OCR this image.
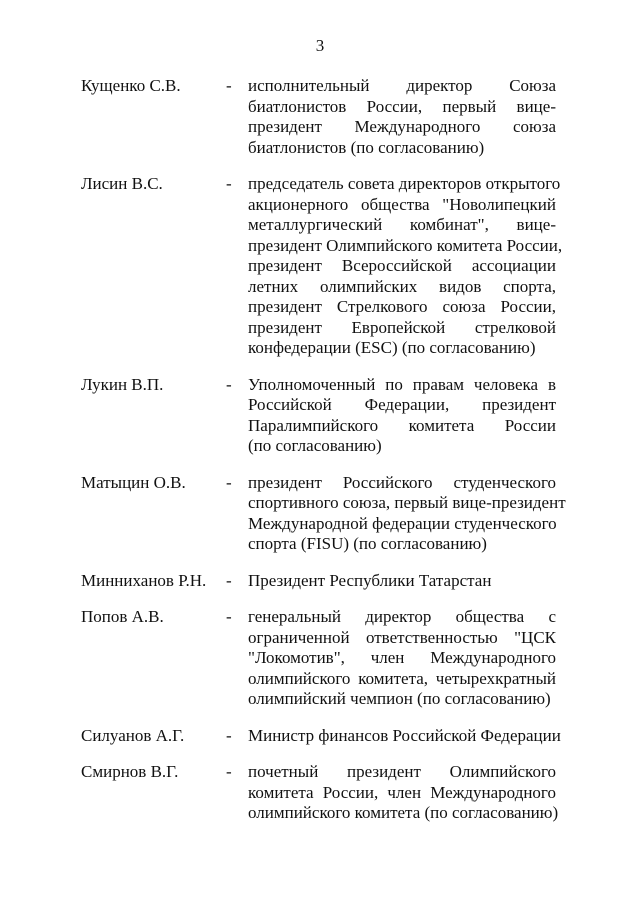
3
Кущенко С.В.	- исполнительный директор Союза
биатлонистов России, первый вице-
президент Международного союза
биатлонистов (по согласованию)
Лисин В.С.	- председатель совета директоров открытого
акционерного общества "Новолипецкий
металлургический комбинат", вице-
президент Олимпийского комитета России,
президент Всероссийской ассоциации
летних олимпийских видов спорта,
президент Стрелкового союза России,
президент Европейской стрелковой
конфедерации (ESC) (по согласованию)
Лукин В.П.	- Уполномоченный по правам человека в
Российской Федерации, президент
Паралимпийского комитета России
(по согласованию)
Матыцин О.В. - президент Российского студенческого
спортивного союза, первый вице-президент
Международной федерации студенческого
спорта (FISU) (по согласованию)
Минниханов Р.Н. - Президент Республики Татарстан
Попов А.В.	- генеральный директор общества с
ограниченной ответственностью "ЦСК
"Локомотив", член Международного
олимпийского комитета, четырехкратный
олимпийский чемпион (по согласованию)
Силуанов А.Г. - Министр финансов Российской Федерации
Смирнов В.Г.	- почетный президент Олимпийского
комитета России, член Международного
олимпийского комитета (по согласованию)
